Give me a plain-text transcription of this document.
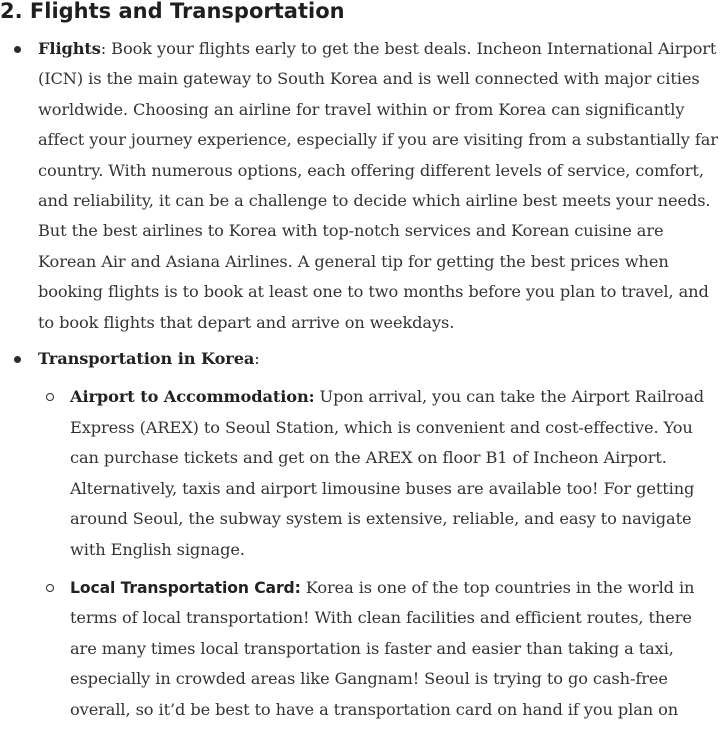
2. Flights and Transportation
Flights: Book your flights early to get the best deals. Incheon International Airport (ICN) is the main gateway to South Korea and is well connected with major cities worldwide. Choosing an airline for travel within or from Korea can significantly affect your journey experience, especially if you are visiting from a substantially far country. With numerous options, each offering different levels of service, comfort, and reliability, it can be a challenge to decide which airline best meets your needs. But the best airlines to Korea with top-notch services and Korean cuisine are Korean Air and Asiana Airlines. A general tip for getting the best prices when booking flights is to book at least one to two months before you plan to travel, and to book flights that depart and arrive on weekdays.
Transportation in Korea:
Airport to Accommodation: Upon arrival, you can take the Airport Railroad Express (AREX) to Seoul Station, which is convenient and cost-effective. You can purchase tickets and get on the AREX on floor B1 of Incheon Airport. Alternatively, taxis and airport limousine buses are available too! For getting around Seoul, the subway system is extensive, reliable, and easy to navigate with English signage.
Local Transportation Card: Korea is one of the top countries in the world in terms of local transportation! With clean facilities and efficient routes, there are many times local transportation is faster and easier than taking a taxi, especially in crowded areas like Gangnam! Seoul is trying to go cash-free overall, so it’d be best to have a transportation card on hand if you plan on
